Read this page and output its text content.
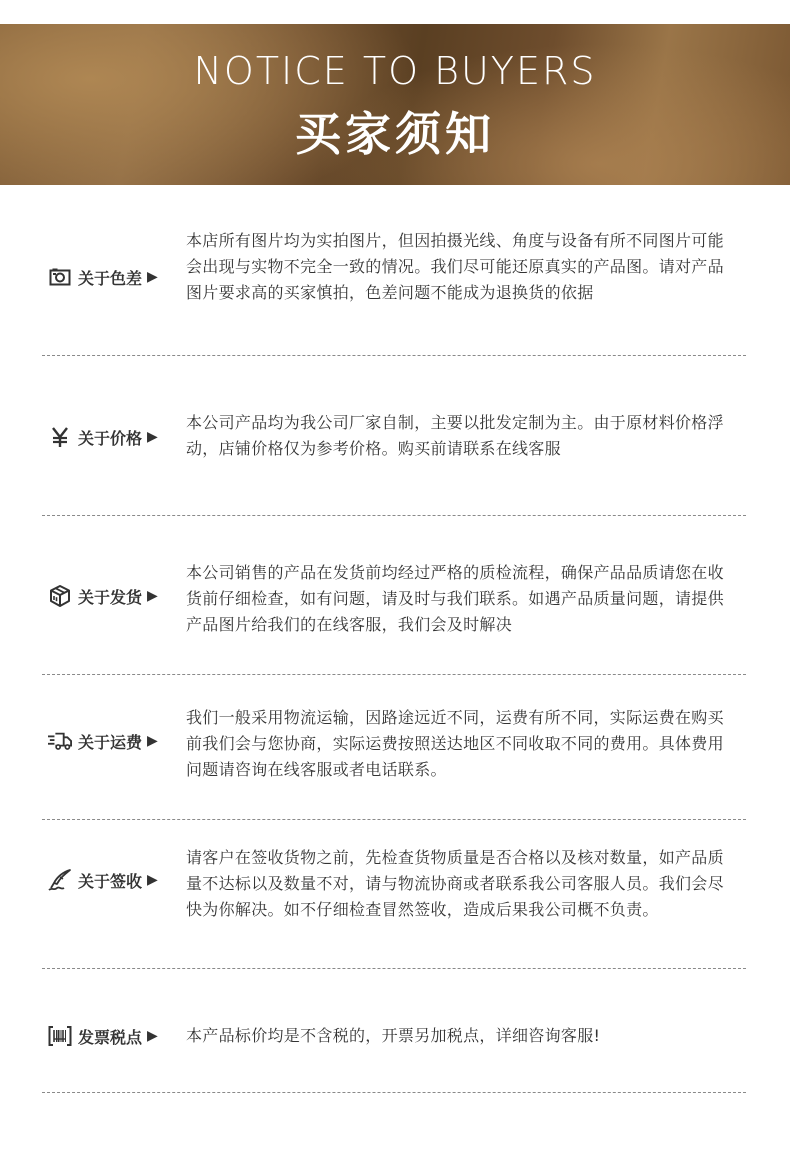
NOTICE TO BUYERS
买家须知
关于色差 ▶
本店所有图片均为实拍图片，但因拍摄光线、角度与设备有所不同图片可能会出现与实物不完全一致的情况。我们尽可能还原真实的产品图。请对产品图片要求高的买家慎拍，色差问题不能成为退换货的依据
关于价格 ▶
本公司产品均为我公司厂家自制，主要以批发定制为主。由于原材料价格浮动，店铺价格仅为参考价格。购买前请联系在线客服
关于发货 ▶
本公司销售的产品在发货前均经过严格的质检流程，确保产品品质请您在收货前仔细检查，如有问题，请及时与我们联系。如遇产品质量问题，请提供产品图片给我们的在线客服，我们会及时解决
关于运费 ▶
我们一般采用物流运输，因路途远近不同，运费有所不同，实际运费在购买前我们会与您协商，实际运费按照送达地区不同收取不同的费用。具体费用问题请咨询在线客服或者电话联系。
关于签收 ▶
请客户在签收货物之前，先检查货物质量是否合格以及核对数量，如产品质量不达标以及数量不对，请与物流协商或者联系我公司客服人员。我们会尽快为你解决。如不仔细检查冒然签收，造成后果我公司概不负责。
发票税点 ▶ 本产品标价均是不含税的，开票另加税点，详细咨询客服!
